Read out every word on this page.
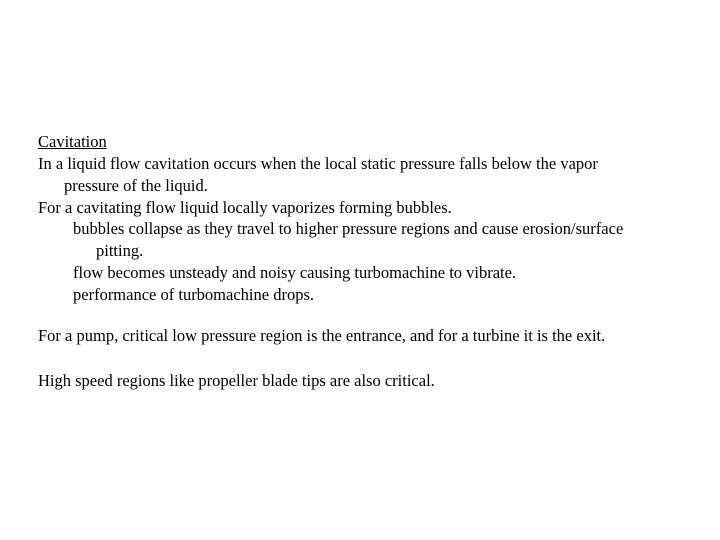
Cavitation
In a liquid flow cavitation occurs when the local static pressure falls below the vapor
pressure of the liquid.
For a cavitating flow liquid locally vaporizes forming bubbles.
bubbles collapse as they travel to higher pressure regions and cause erosion/surface
pitting.
flow becomes unsteady and noisy causing turbomachine to vibrate.
performance of turbomachine drops.
For a pump, critical low pressure region is the entrance, and for a turbine it is the exit.
High speed regions like propeller blade tips are also critical.
